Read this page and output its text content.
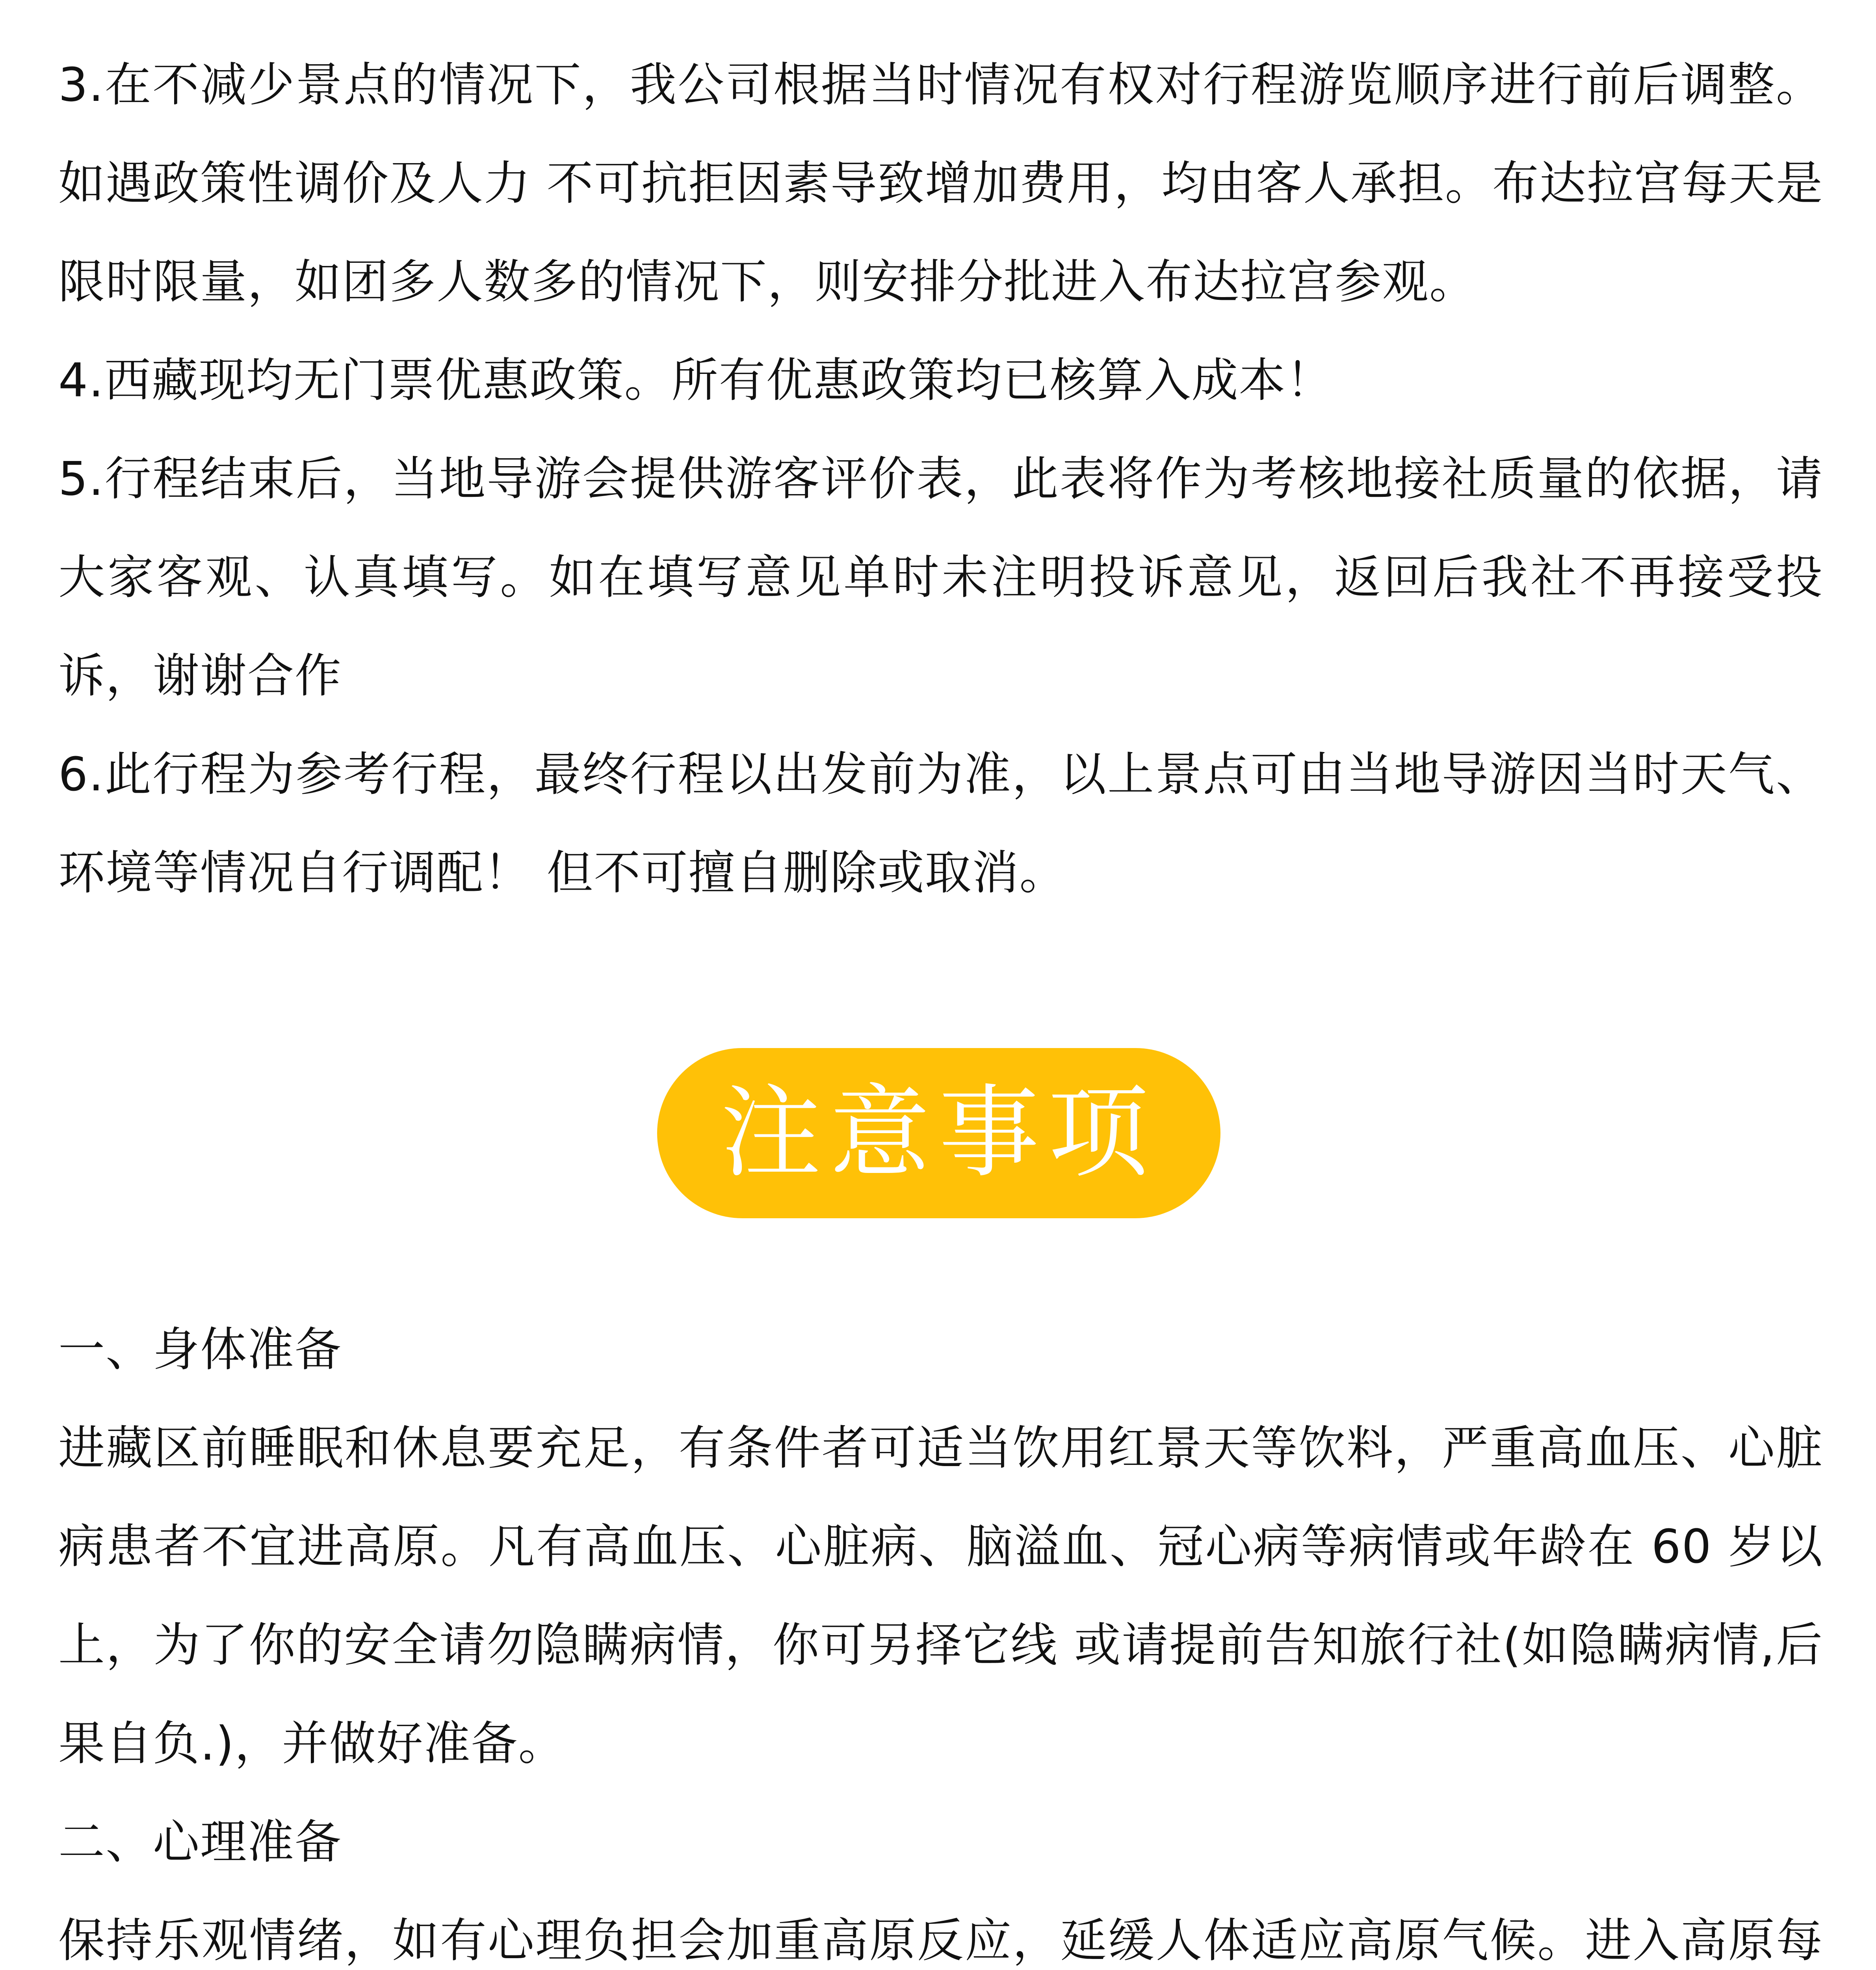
3.在不减少景点的情况下，我公司根据当时情况有权对行程游览顺序进行前后调整。如遇政策性调价及人力 不可抗拒因素导致增加费用，均由客人承担。布达拉宫每天是限时限量，如团多人数多的情况下，则安排分批进入布达拉宫参观。

4.西藏现均无门票优惠政策。所有优惠政策均已核算入成本！

5.行程结束后，当地导游会提供游客评价表，此表将作为考核地接社质量的依据，请大家客观、认真填写。如在填写意见单时未注明投诉意见，返回后我社不再接受投诉，谢谢合作

6.此行程为参考行程，最终行程以出发前为准，以上景点可由当地导游因当时天气、环境等情况自行调配！ 但不可擅自删除或取消。

注意事项

一、身体准备

进藏区前睡眠和休息要充足，有条件者可适当饮用红景天等饮料，严重高血压、心脏病患者不宜进高原。凡有高血压、心脏病、脑溢血、冠心病等病情或年龄在 60 岁以上，为了你的安全请勿隐瞒病情，你可另择它线 或请提前告知旅行社(如隐瞒病情,后果自负.)，并做好准备。

二、心理准备

保持乐观情绪，如有心理负担会加重高原反应，延缓人体适应高原气候。进入高原每
